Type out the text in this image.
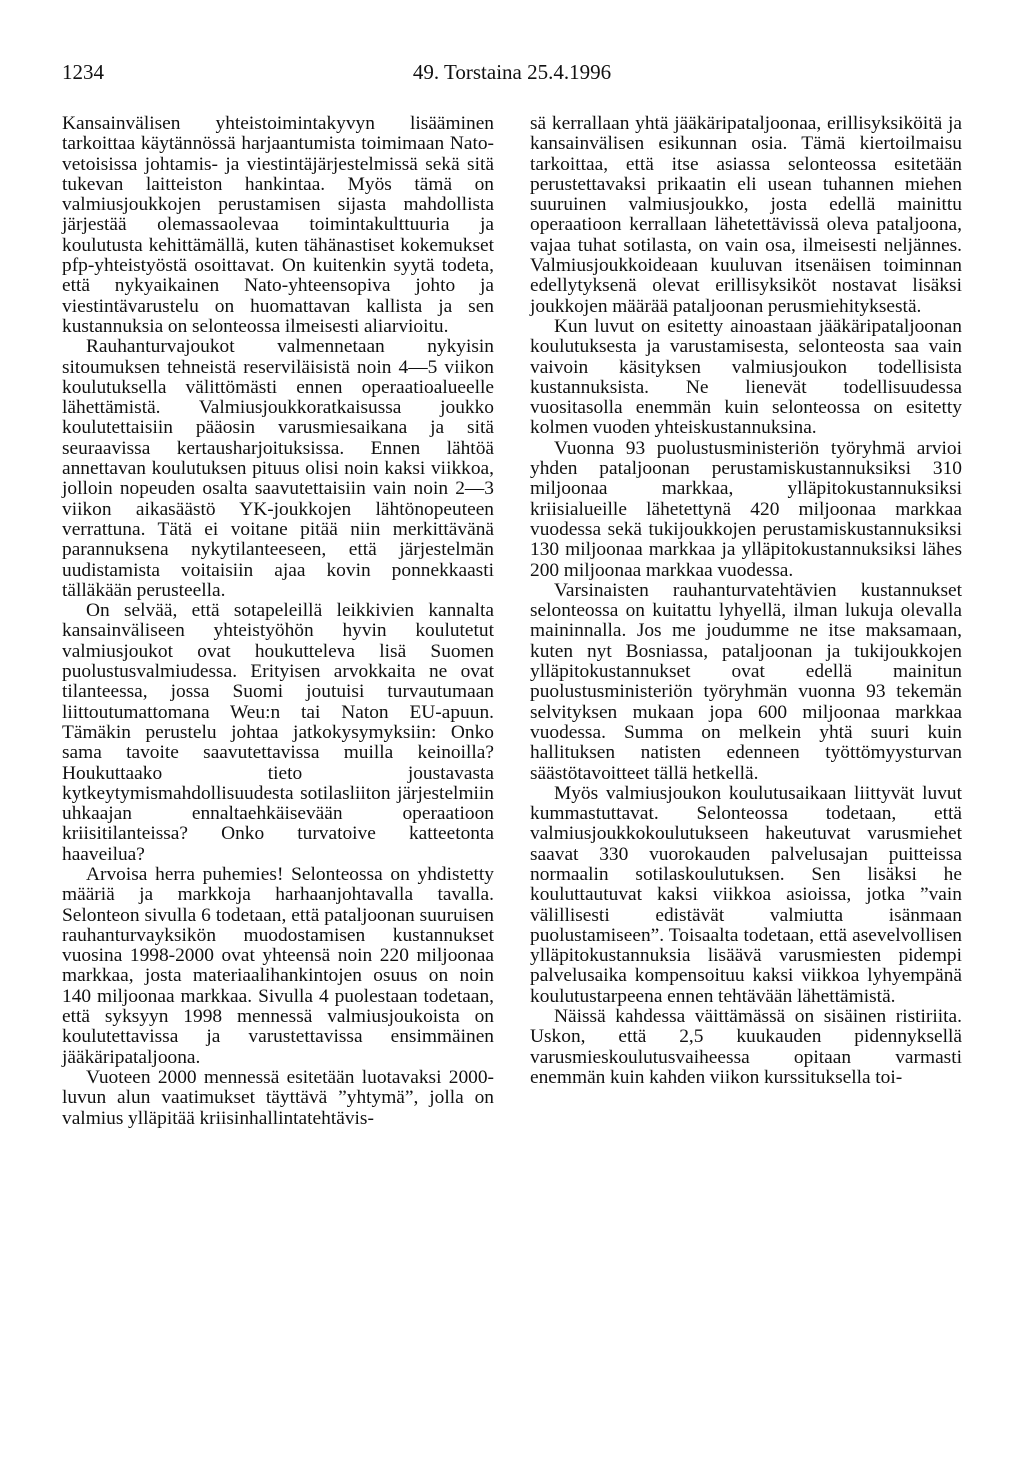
1234	49. Torstaina 25.4.1996

Kansainvälisen yhteistoimintakyvyn lisääminen tarkoittaa käytännössä harjaantumista toimimaan Nato-vetoisissa johtamis- ja viestintäjärjestelmissä sekä sitä tukevan laitteiston hankintaa. Myös tämä on valmiusjoukkojen perustamisen sijasta mahdollista järjestää olemassaolevaa toimintakulttuuria ja koulutusta kehittämällä, kuten tähänastiset kokemukset pfp-yhteistyöstä osoittavat. On kuitenkin syytä todeta, että nykyaikainen Nato-yhteensopiva johto ja viestintävarustelu on huomattavan kallista ja sen kustannuksia on selonteossa ilmeisesti aliarvioitu.

Rauhanturvajoukot valmennetaan nykyisin sitoumuksen tehneistä reserviläisistä noin 4—5 viikon koulutuksella välittömästi ennen operaatioalueelle lähettämistä. Valmiusjoukkoratkaisussa joukko koulutettaisiin pääosin varusmiesaikana ja sitä seuraavissa kertausharjoituksissa. Ennen lähtöä annettavan koulutuksen pituus olisi noin kaksi viikkoa, jolloin nopeuden osalta saavutettaisiin vain noin 2—3 viikon aikasäästö YK-joukkojen lähtönopeuteen verrattuna. Tätä ei voitane pitää niin merkittävänä parannuksena nykytilanteeseen, että järjestelmän uudistamista voitaisiin ajaa kovin ponnekkaasti tälläkään perusteella.

On selvää, että sotapeleillä leikkivien kannalta kansainväliseen yhteistyöhön hyvin koulutetut valmiusjoukot ovat houkutteleva lisä Suomen puolustusvalmiudessa. Erityisen arvokkaita ne ovat tilanteessa, jossa Suomi joutuisi turvautumaan liittoutumattomana Weu:n tai Naton EU-apuun. Tämäkin perustelu johtaa jatkokysymyksiin: Onko sama tavoite saavutettavissa muilla keinoilla? Houkuttaako tieto joustavasta kytkeytymismahdollisuudesta sotilasliiton järjestelmiin uhkaajan ennaltaehkäisevään operaatioon kriisitilanteissa? Onko turvatoive katteetonta haaveilua?

Arvoisa herra puhemies! Selonteossa on yhdistetty määriä ja markkoja harhaanjohtavalla tavalla. Selonteon sivulla 6 todetaan, että pataljoonan suuruisen rauhanturvayksikön muodostamisen kustannukset vuosina 1998-2000 ovat yhteensä noin 220 miljoonaa markkaa, josta materiaalihankintojen osuus on noin 140 miljoonaa markkaa. Sivulla 4 puolestaan todetaan, että syksyyn 1998 mennessä valmiusjoukoista on koulutettavissa ja varustettavissa ensimmäinen jääkäripataljoona.

Vuoteen 2000 mennessä esitetään luotavaksi 2000-luvun alun vaatimukset täyttävä ”yhtymä”, jolla on valmius ylläpitää kriisinhallintatehtävis-

sä kerrallaan yhtä jääkäripataljoonaa, erillisyksiköitä ja kansainvälisen esikunnan osia. Tämä kiertoilmaisu tarkoittaa, että itse asiassa selonteossa esitetään perustettavaksi prikaatin eli usean tuhannen miehen suuruinen valmiusjoukko, josta edellä mainittu operaatioon kerrallaan lähetettävissä oleva pataljoona, vajaa tuhat sotilasta, on vain osa, ilmeisesti neljännes. Valmiusjoukkoideaan kuuluvan itsenäisen toiminnan edellytyksenä olevat erillisyksiköt nostavat lisäksi joukkojen määrää pataljoonan perusmiehityksestä.

Kun luvut on esitetty ainoastaan jääkäripataljoonan koulutuksesta ja varustamisesta, selonteosta saa vain vaivoin käsityksen valmiusjoukon todellisista kustannuksista. Ne lienevät todellisuudessa vuositasolla enemmän kuin selonteossa on esitetty kolmen vuoden yhteiskustannuksina.

Vuonna 93 puolustusministeriön työryhmä arvioi yhden pataljoonan perustamiskustannuksiksi 310 miljoonaa markkaa, ylläpitokustannuksiksi kriisialueille lähetettynä 420 miljoonaa markkaa vuodessa sekä tukijoukkojen perustamiskustannuksiksi 130 miljoonaa markkaa ja ylläpitokustannuksiksi lähes 200 miljoonaa markkaa vuodessa.

Varsinaisten rauhanturvatehtävien kustannukset selonteossa on kuitattu lyhyellä, ilman lukuja olevalla maininnalla. Jos me joudumme ne itse maksamaan, kuten nyt Bosniassa, pataljoonan ja tukijoukkojen ylläpitokustannukset ovat edellä mainitun puolustusministeriön työryhmän vuonna 93 tekemän selvityksen mukaan jopa 600 miljoonaa markkaa vuodessa. Summa on melkein yhtä suuri kuin hallituksen natisten edenneen työttömyysturvan säästötavoitteet tällä hetkellä.

Myös valmiusjoukon koulutusaikaan liittyvät luvut kummastuttavat. Selonteossa todetaan, että valmiusjoukkokoulutukseen hakeutuvat varusmiehet saavat 330 vuorokauden palvelusajan puitteissa normaalin sotilaskoulutuksen. Sen lisäksi he kouluttautuvat kaksi viikkoa asioissa, jotka ”vain välillisesti edistävät valmiutta isänmaan puolustamiseen”. Toisaalta todetaan, että asevelvollisen ylläpitokustannuksia lisäävä varusmiesten pidempi palvelusaika kompensoituu kaksi viikkoa lyhyempänä koulutustarpeena ennen tehtävään lähettämistä.

Näissä kahdessa väittämässä on sisäinen ristiriita. Uskon, että 2,5 kuukauden pidennyksellä varusmieskoulutusvaiheessa opitaan varmasti enemmän kuin kahden viikon kurssituksella toi-
